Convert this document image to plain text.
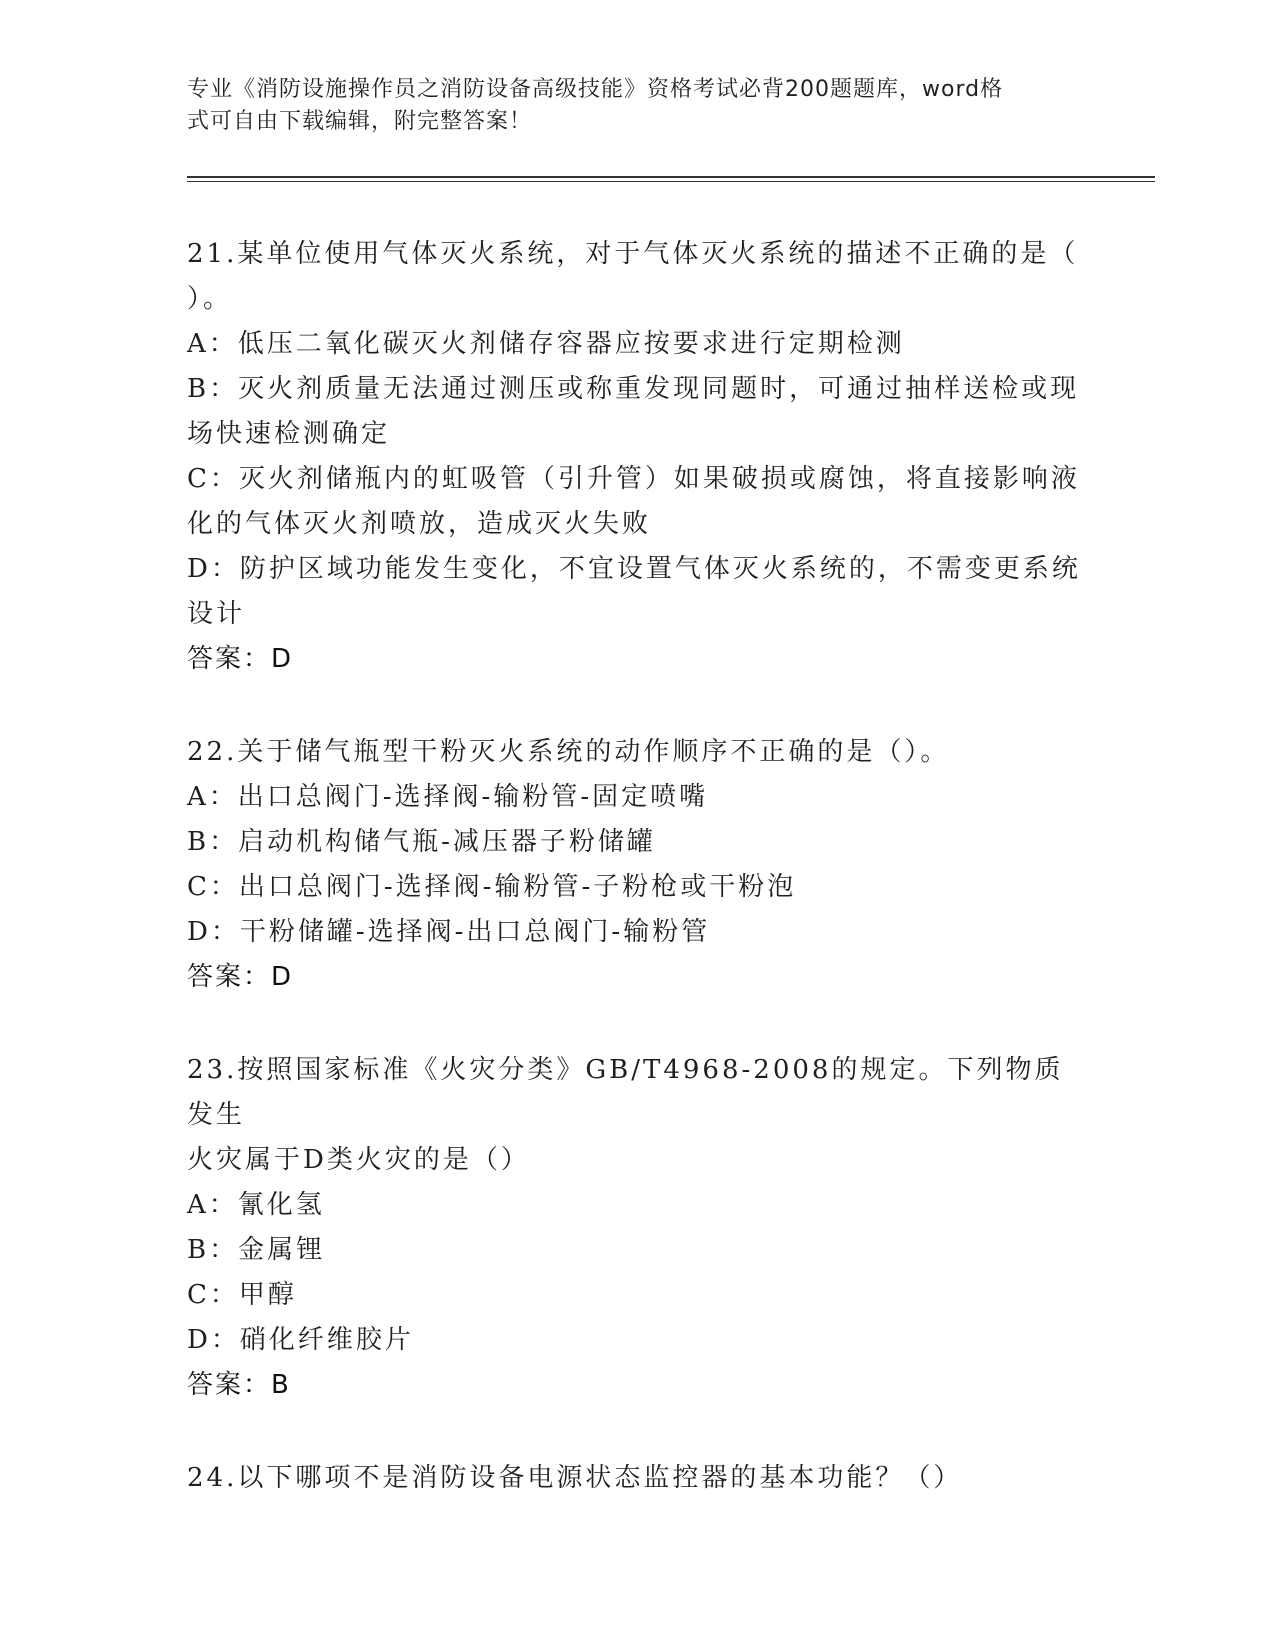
专业《消防设施操作员之消防设备高级技能》资格考试必背200题题库，word格
式可自由下载编辑，附完整答案！
21.某单位使用气体灭火系统，对于气体灭火系统的描述不正确的是（
）。
A：低压二氧化碳灭火剂储存容器应按要求进行定期检测
B：灭火剂质量无法通过测压或称重发现同题时，可通过抽样送检或现
场快速检测确定
C：灭火剂储瓶内的虹吸管（引升管）如果破损或腐蚀，将直接影响液
化的气体灭火剂喷放，造成灭火失败
D：防护区域功能发生变化，不宜设置气体灭火系统的，不需变更系统
设计
答案：D
22.关于储气瓶型干粉灭火系统的动作顺序不正确的是（）。
A：出口总阀门-选择阀-输粉管-固定喷嘴
B：启动机构储气瓶-减压器子粉储罐
C：出口总阀门-选择阀-输粉管-子粉枪或干粉泡
D：干粉储罐-选择阀-出口总阀门-输粉管
答案：D
23.按照国家标准《火灾分类》GB/T4968-2008的规定。下列物质发生
火灾属于D类火灾的是（）
A：氰化氢
B：金属锂
C：甲醇
D：硝化纤维胶片
答案：B
24.以下哪项不是消防设备电源状态监控器的基本功能？（）
